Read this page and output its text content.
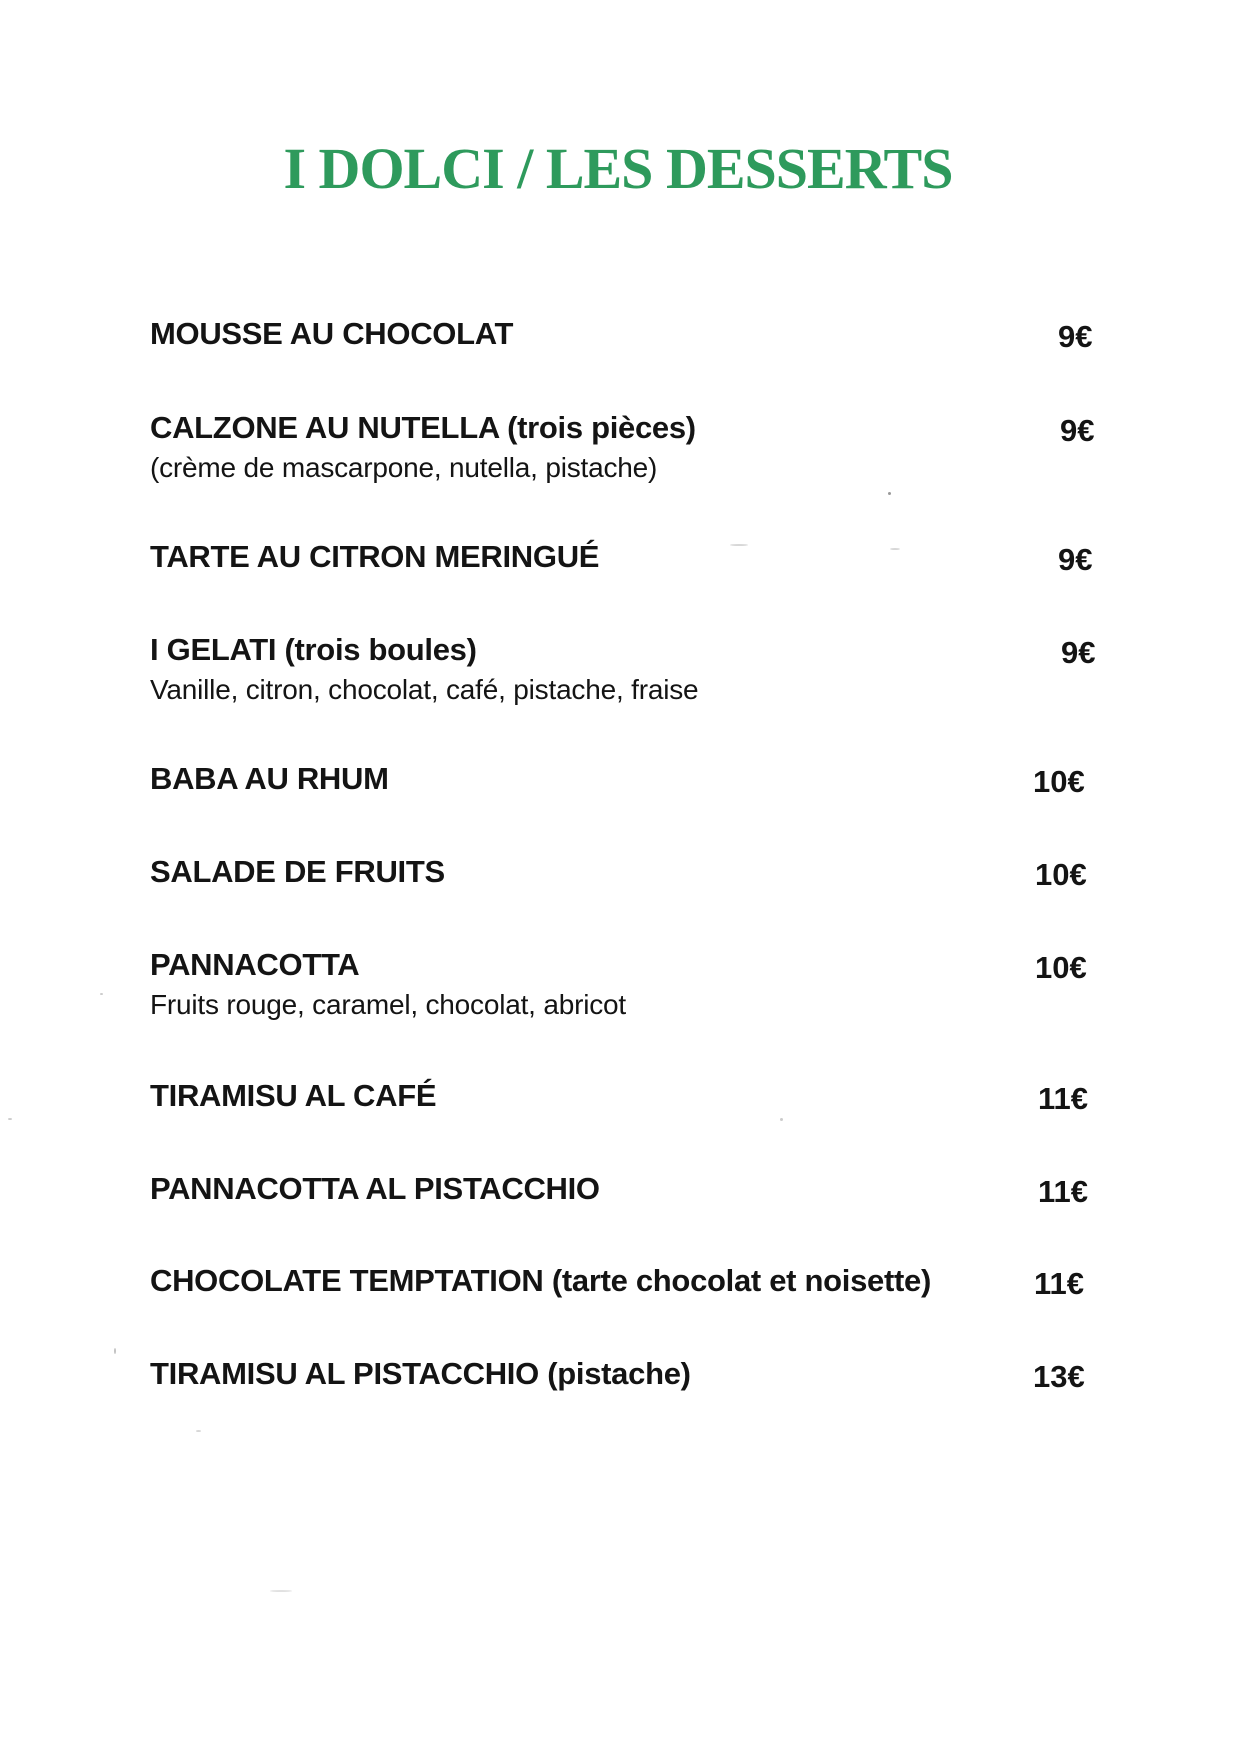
I DOLCI / LES DESSERTS
MOUSSE AU CHOCOLAT	9€
CALZONE AU NUTELLA (trois pièces)	9€
(crème de mascarpone, nutella, pistache)
TARTE AU CITRON MERINGUÉ	9€
I GELATI (trois boules)	9€
Vanille, citron, chocolat, café, pistache, fraise
BABA AU RHUM	10€
SALADE DE FRUITS	10€
PANNACOTTA	10€
Fruits rouge, caramel, chocolat, abricot
TIRAMISU AL CAFÉ	11€
PANNACOTTA AL PISTACCHIO	11€
CHOCOLATE TEMPTATION (tarte chocolat et noisette)	11€
TIRAMISU AL PISTACCHIO (pistache)	13€
